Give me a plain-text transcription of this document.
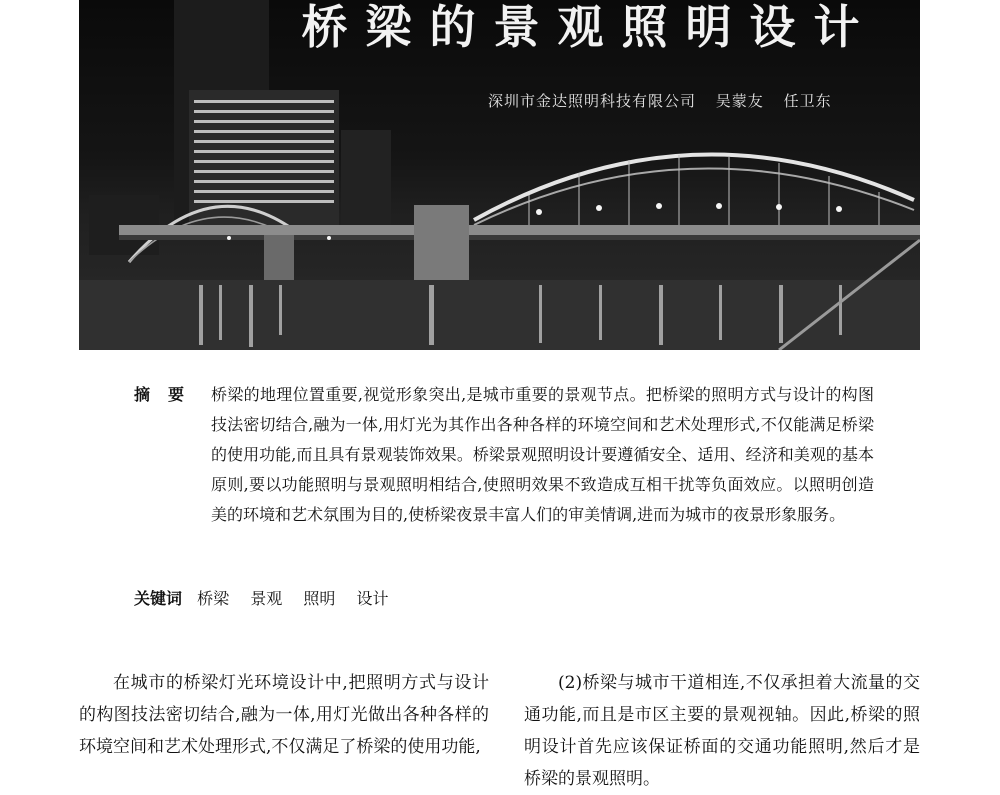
桥梁的景观照明设计

深圳市金达照明科技有限公司 吴蒙友 任卫东

摘要 桥梁的地理位置重要,视觉形象突出,是城市重要的景观节点。把桥梁的照明方式与设计的构图技法密切结合,融为一体,用灯光为其作出各种各样的环境空间和艺术处理形式,不仅能满足桥梁的使用功能,而且具有景观装饰效果。桥梁景观照明设计要遵循安全、适用、经济和美观的基本原则,要以功能照明与景观照明相结合,使照明效果不致造成互相干扰等负面效应。以照明创造美的环境和艺术氛围为目的,使桥梁夜景丰富人们的审美情调,进而为城市的夜景形象服务。
关键词 桥梁 景观 照明 设计

在城市的桥梁灯光环境设计中,把照明方式与设计的构图技法密切结合,融为一体,用灯光做出各种各样的环境空间和艺术处理形式,不仅满足了桥梁的使用功能,

(2)桥梁与城市干道相连,不仅承担着大流量的交通功能,而且是市区主要的景观视轴。因此,桥梁的照明设计首先应该保证桥面的交通功能照明,然后才是桥梁的景观照明。
